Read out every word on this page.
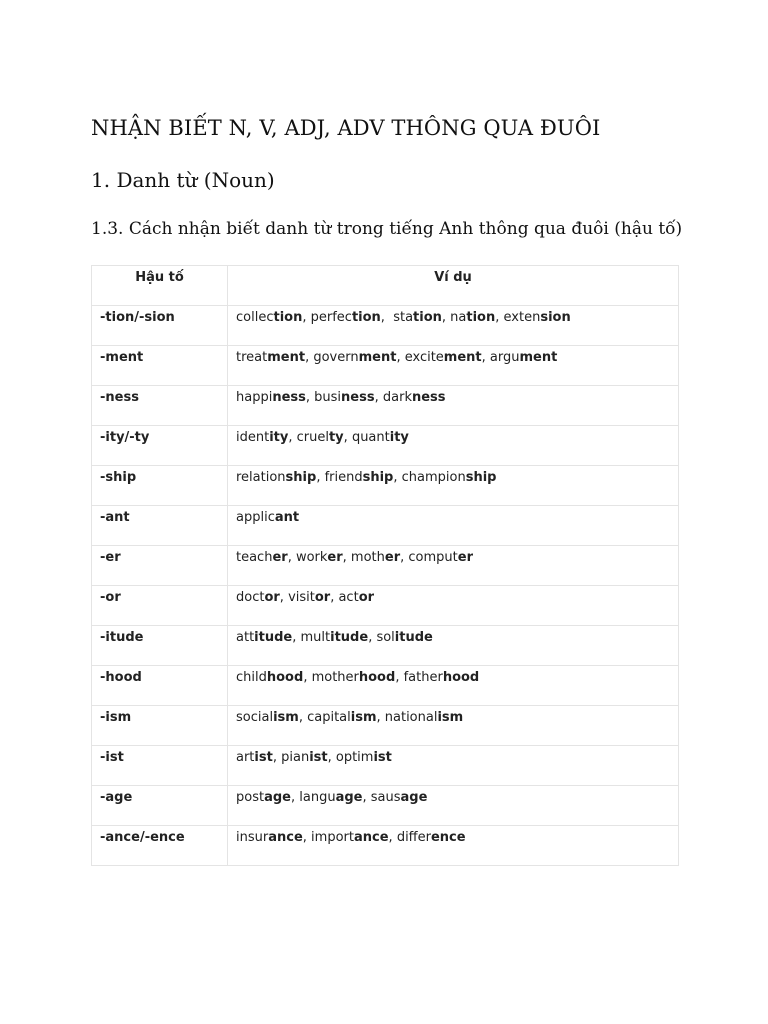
NHẬN BIẾT N, V, ADJ, ADV THÔNG QUA ĐUÔI
1. Danh từ (Noun)
1.3. Cách nhận biết danh từ trong tiếng Anh thông qua đuôi (hậu tố)
Hậu tố	Ví dụ
-tion/-sion	collection, perfection,  station, nation, extension
-ment	treatment, government, excitement, argument
-ness	happiness, business, darkness
-ity/-ty	identity, cruelty, quantity
-ship	relationship, friendship, championship
-ant	applicant
-er	teacher, worker, mother, computer
-or	doctor, visitor, actor
-itude	attitude, multitude, solitude
-hood	childhood, motherhood, fatherhood
-ism	socialism, capitalism, nationalism
-ist	artist, pianist, optimist
-age	postage, language, sausage
-ance/-ence	insurance, importance, difference
